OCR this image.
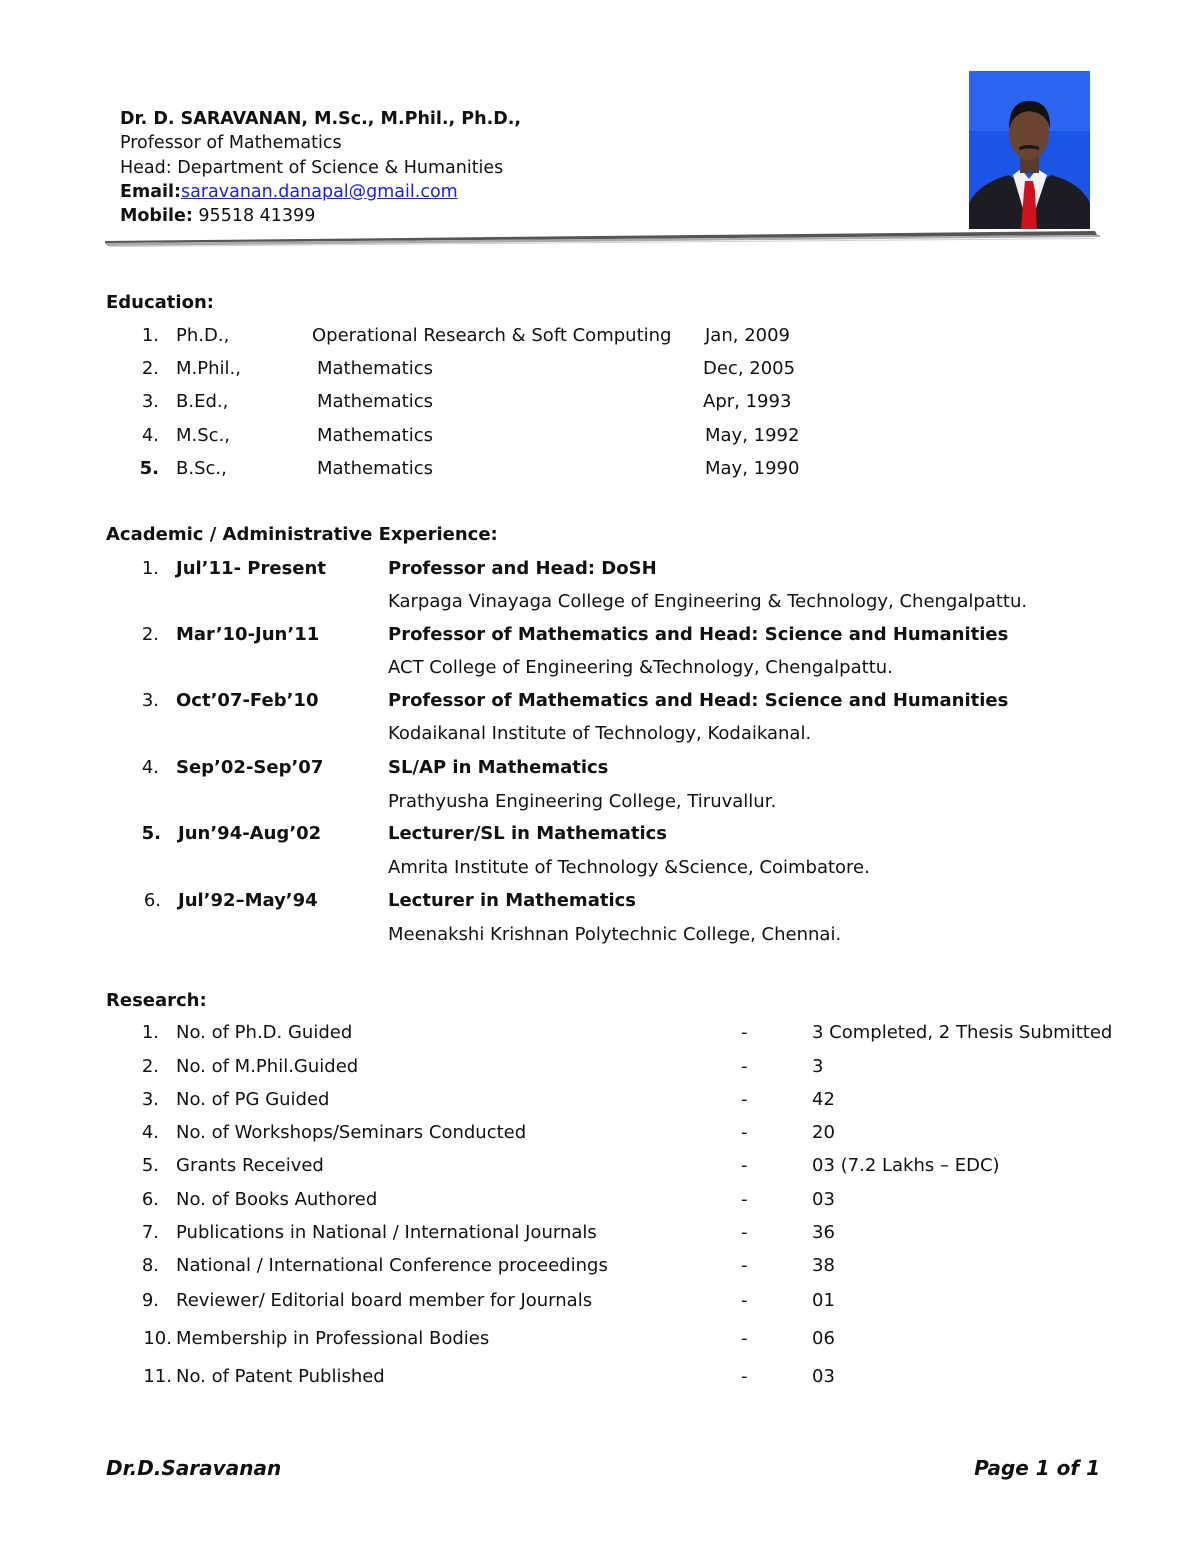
Dr. D. SARAVANAN, M.Sc., M.Phil., Ph.D.,
Professor of Mathematics
Head: Department of Science & Humanities
Email:saravanan.danapal@gmail.com
Mobile: 95518 41399
Education:
1. Ph.D.,	Operational Research & Soft Computing Jan, 2009
2. M.Phil.,	Mathematics	Dec, 2005
3. B.Ed.,	Mathematics	Apr, 1993
4. M.Sc.,	Mathematics	May, 1992
5. B.Sc.,	Mathematics	May, 1990
Academic / Administrative Experience:
1. Jul’11- Present	Professor and Head: DoSH
Karpaga Vinayaga College of Engineering & Technology, Chengalpattu.
2. Mar’10-Jun’11	Professor of Mathematics and Head: Science and Humanities
ACT College of Engineering &Technology, Chengalpattu.
3. Oct’07-Feb’10	Professor of Mathematics and Head: Science and Humanities
Kodaikanal Institute of Technology, Kodaikanal.
4. Sep’02-Sep’07	SL/AP in Mathematics
Prathyusha Engineering College, Tiruvallur.
5. Jun’94-Aug’02	Lecturer/SL in Mathematics
Amrita Institute of Technology &Science, Coimbatore.
6. Jul’92–May’94	Lecturer in Mathematics
Meenakshi Krishnan Polytechnic College, Chennai.
Research:
1. No. of Ph.D. Guided	-	3 Completed, 2 Thesis Submitted
2. No. of M.Phil.Guided	-	3
3. No. of PG Guided	-	42
4. No. of Workshops/Seminars Conducted	-	20
5. Grants Received	-	03 (7.2 Lakhs – EDC)
6. No. of Books Authored	-	03
7. Publications in National / International Journals	-	36
8. National / International Conference proceedings	-	38
9. Reviewer/ Editorial board member for Journals	-	01
10. Membership in Professional Bodies	-	06
11. No. of Patent Published	-	03
Dr.D.Saravanan	Page 1 of 1
